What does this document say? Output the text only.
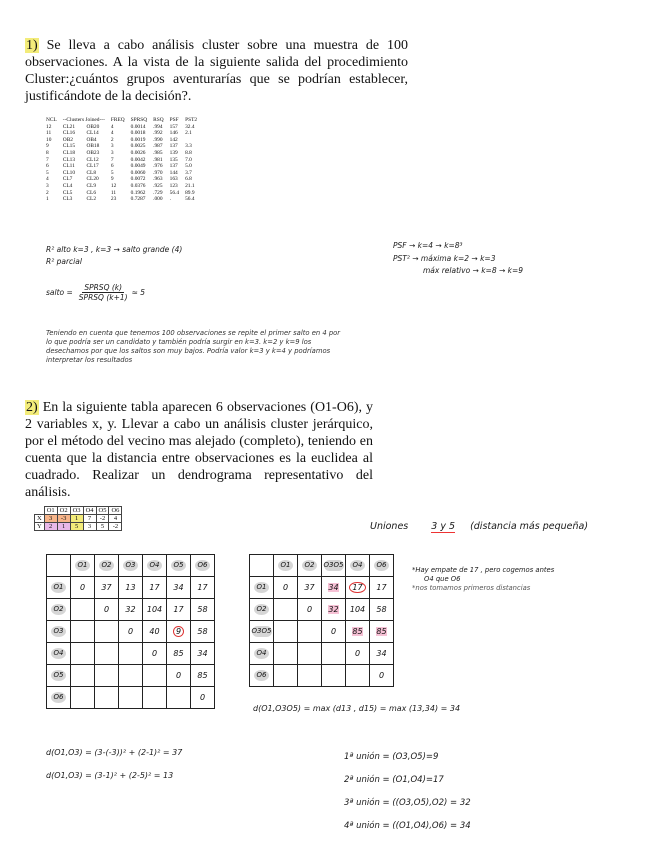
1) Se lleva a cabo análisis cluster sobre una muestra de 100 observaciones. A la vista de la siguiente salida del procedimiento Cluster:¿cuántos grupos aventurarías que se podrían establecer, justificándote de la decisión?.
NCL	--Clusters Joined---		FREQ	SPRSQ	RSQ	PSF	PST2
12	CL21	OB20	4	0.0014	.994	157	32.4
11	CL16	CL14	4	0.0018	.992	146	2.1
10	OB2	OB4	2	0.0019	.990	142	
9	CL15	OB18	3	0.0025	.987	137	3.3
8	CL18	OB23	3	0.0026	.985	139	8.8
7	CL13	CL12	7	0.0042	.981	135	7.0
6	CL11	CL17	6	0.0049	.976	137	5.0
5	CL10	CL8	5	0.0060	.970	144	3.7
4	CL7	CL20	9	0.0072	.963	163	6.8
3	CL4	CL9	12	0.0376	.925	123	21.1
2	CL5	CL6	11	0.1962	.729	56.4	89.9
1	CL3	CL2	23	0.7287	.000	.	56.4
R² alto k=3 , k=3 → salto grande (4)
R² parcial
salto =
SPRSQ (k)
SPRSQ (k+1)
≈ 5
PSF → k=4 → k=8³
PST² → máxima k=2 → k=3
máx relativo → k=8 → k=9
Teniendo en cuenta que tenemos 100 observaciones se repite el primer salto en 4 por lo que podría ser un candidato y también podría surgir en k=3. k=2 y k=9 los desechamos por que los saltos son muy bajos. Podría valor k=3 y k=4 y podríamos interpretar los resultados
2) En la siguiente tabla aparecen 6 observaciones (O1-O6), y 2 variables x, y. Llevar a cabo un análisis cluster jerárquico, por el método del vecino mas alejado (completo), teniendo en cuenta que la distancia entre observaciones es la euclidea al cuadrado. Realizar un dendrograma representativo del análisis.
	O1	O2	O3	O4	O5	O6
X	3	-3	1	7	-2	4
Y	2	1	5	3	5	-2	Uniones 3 y 5 (distancia más pequeña)
	O1	O2	O3	O4	O5	O6
O1	0	37	13	17	34	17
O2		0	32	104	17	58
O3			0	40	9	58
O4				0	85	34
O5					0	85
O6						0
	O1	O2	O3O5	O4	O6
O1	0	37	34	17	17
O2		0	32	104	58
O3O5			0	85	85
O4				0	34
O6					0
*Hay empate de 17 , pero cogemos antes
O4 que O6
*nos tomamos primeros distancias
d(O1,O3O5) = max (d13 , d15) = max (13,34) = 34
d(O1,O3) = (3-(-3))² + (2-1)² = 37
d(O1,O3) = (3-1)² + (2-5)² = 13
1ª unión = (O3,O5)=9
2ª unión = (O1,O4)=17
3ª unión = ((O3,O5),O2) = 32
4ª unión = ((O1,O4),O6) = 34
